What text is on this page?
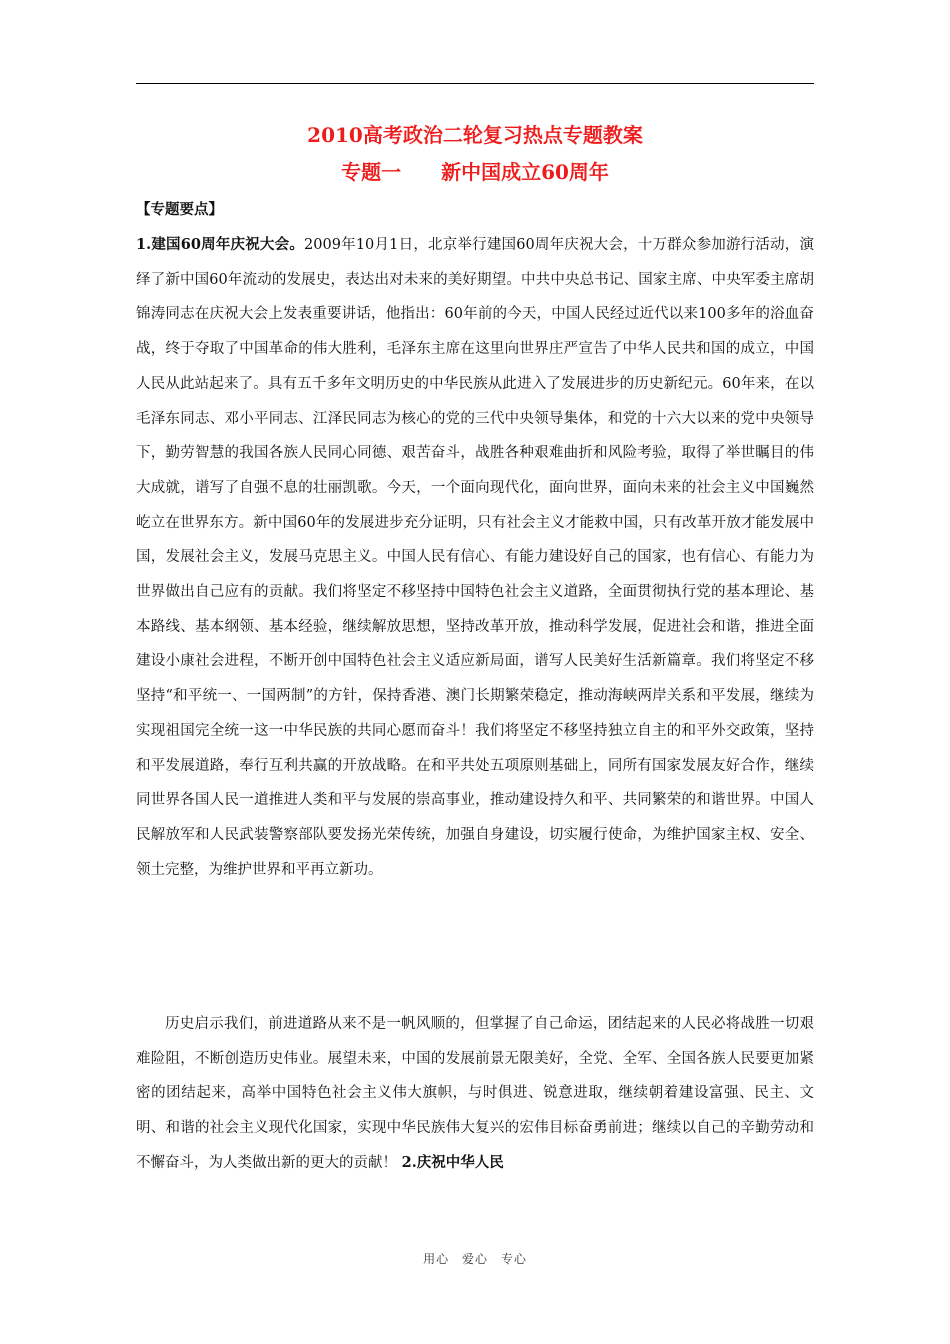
2010高考政治二轮复习热点专题教案
专题一 新中国成立60周年
【专题要点】

1.建国60周年庆祝大会。2009年10月1日，北京举行建国60周年庆祝大会，十万群众参加游行活动，演绎了新中国60年流动的发展史，表达出对未来的美好期望。中共中央总书记、国家主席、中央军委主席胡锦涛同志在庆祝大会上发表重要讲话，他指出：60年前的今天，中国人民经过近代以来100多年的浴血奋战，终于夺取了中国革命的伟大胜利，毛泽东主席在这里向世界庄严宣告了中华人民共和国的成立，中国人民从此站起来了。具有五千多年文明历史的中华民族从此进入了发展进步的历史新纪元。60年来，在以毛泽东同志、邓小平同志、江泽民同志为核心的党的三代中央领导集体，和党的十六大以来的党中央领导下，勤劳智慧的我国各族人民同心同德、艰苦奋斗，战胜各种艰难曲折和风险考验，取得了举世瞩目的伟大成就，谱写了自强不息的壮丽凯歌。今天，一个面向现代化，面向世界，面向未来的社会主义中国巍然屹立在世界东方。新中国60年的发展进步充分证明，只有社会主义才能救中国，只有改革开放才能发展中国，发展社会主义，发展马克思主义。中国人民有信心、有能力建设好自己的国家，也有信心、有能力为世界做出自己应有的贡献。我们将坚定不移坚持中国特色社会主义道路，全面贯彻执行党的基本理论、基本路线、基本纲领、基本经验，继续解放思想，坚持改革开放，推动科学发展，促进社会和谐，推进全面建设小康社会进程，不断开创中国特色社会主义适应新局面，谱写人民美好生活新篇章。我们将坚定不移坚持“和平统一、一国两制”的方针，保持香港、澳门长期繁荣稳定，推动海峡两岸关系和平发展，继续为实现祖国完全统一这一中华民族的共同心愿而奋斗！我们将坚定不移坚持独立自主的和平外交政策，坚持和平发展道路，奉行互利共赢的开放战略。在和平共处五项原则基础上，同所有国家发展友好合作，继续同世界各国人民一道推进人类和平与发展的崇高事业，推动建设持久和平、共同繁荣的和谐世界。中国人民解放军和人民武装警察部队要发扬光荣传统，加强自身建设，切实履行使命，为维护国家主权、安全、领土完整，为维护世界和平再立新功。

历史启示我们，前进道路从来不是一帆风顺的，但掌握了自己命运，团结起来的人民必将战胜一切艰难险阻，不断创造历史伟业。展望未来，中国的发展前景无限美好，全党、全军、全国各族人民要更加紧密的团结起来，高举中国特色社会主义伟大旗帜，与时俱进、锐意进取，继续朝着建设富强、民主、文明、和谐的社会主义现代化国家，实现中华民族伟大复兴的宏伟目标奋勇前进；继续以自己的辛勤劳动和不懈奋斗，为人类做出新的更大的贡献！ 2.庆祝中华人民

用心 爱心 专心
